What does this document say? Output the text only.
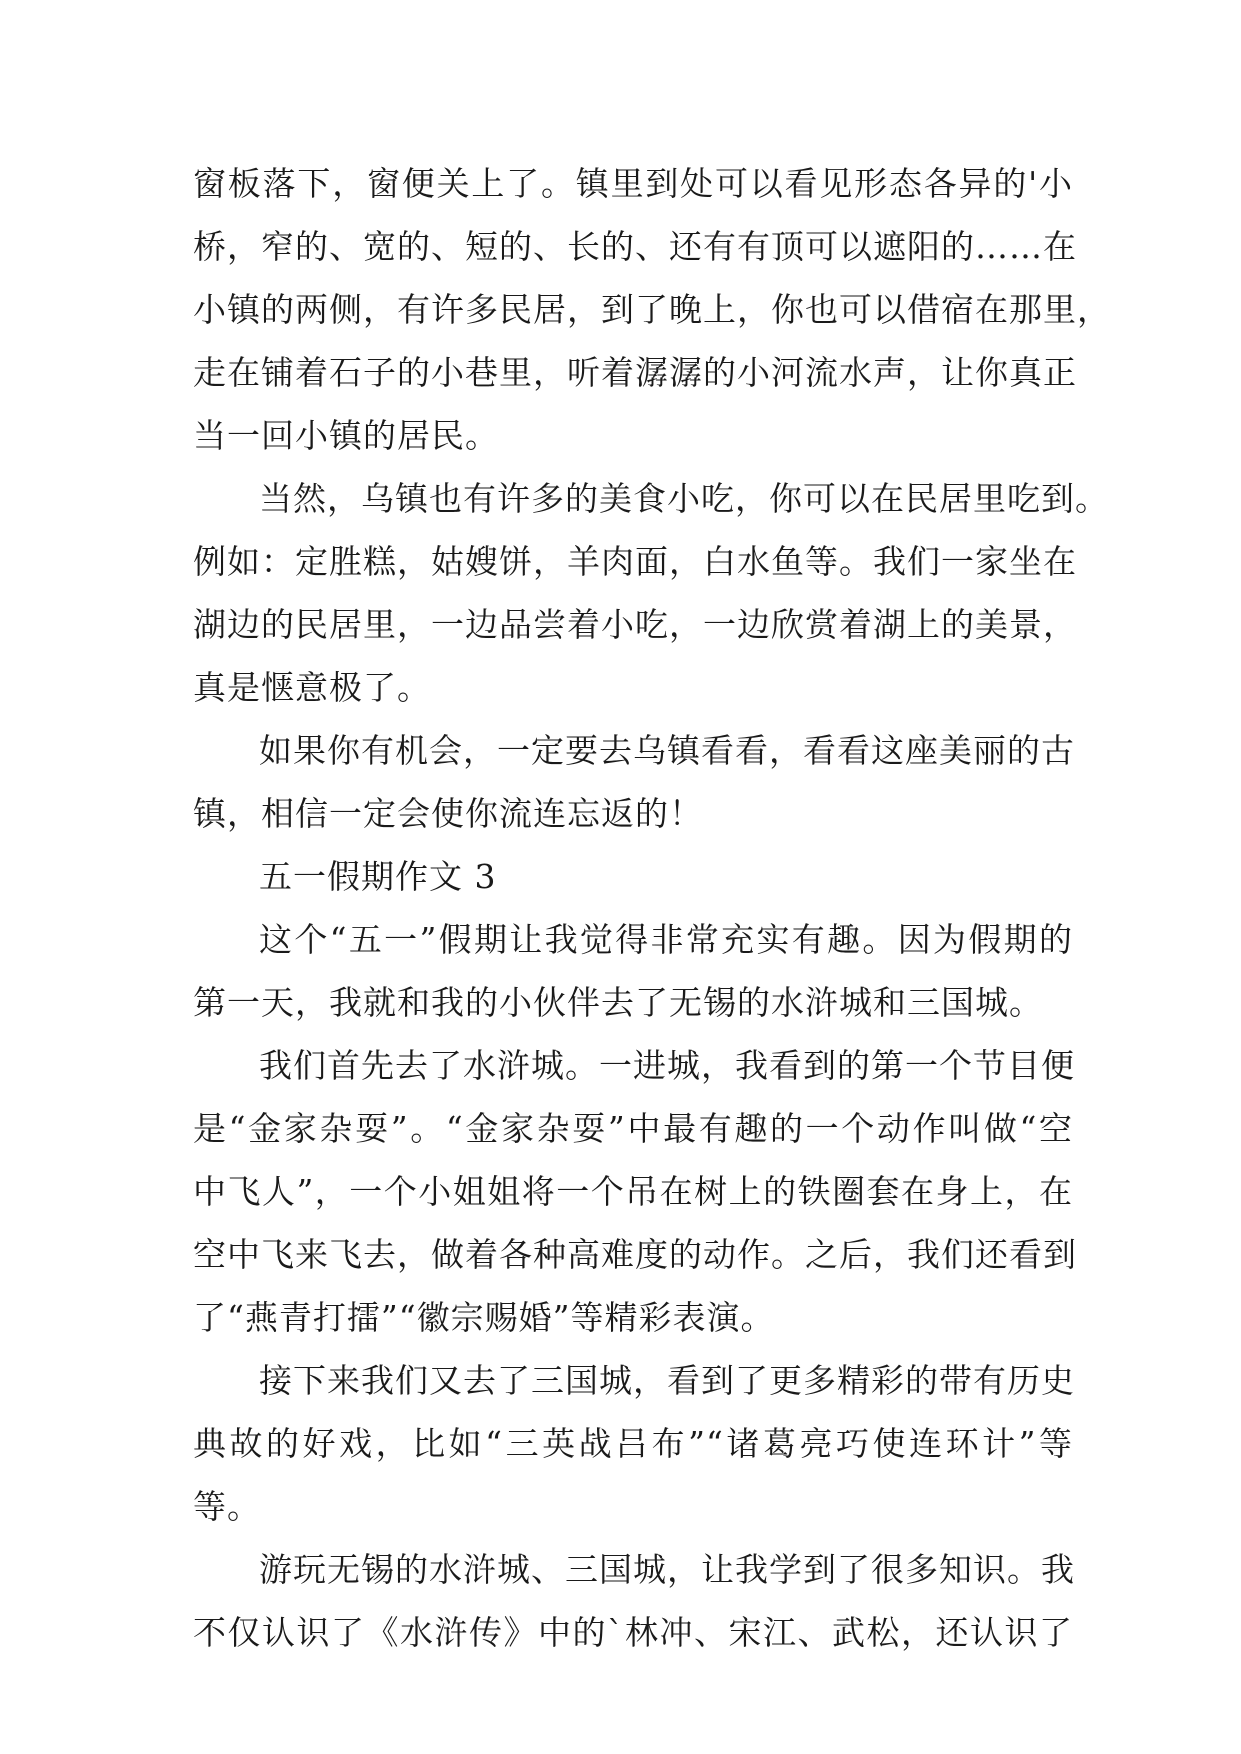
窗板落下，窗便关上了。镇里到处可以看见形态各异的'小
桥，窄的、宽的、短的、长的、还有有顶可以遮阳的……在
小镇的两侧，有许多民居，到了晚上，你也可以借宿在那里，
走在铺着石子的小巷里，听着潺潺的小河流水声，让你真正
当一回小镇的居民。
当然，乌镇也有许多的美食小吃，你可以在民居里吃到。
例如：定胜糕，姑嫂饼，羊肉面，白水鱼等。我们一家坐在
湖边的民居里，一边品尝着小吃，一边欣赏着湖上的美景，
真是惬意极了。
如果你有机会，一定要去乌镇看看，看看这座美丽的古
镇，相信一定会使你流连忘返的！
五一假期作文 3
这个“五一”假期让我觉得非常充实有趣。因为假期的
第一天，我就和我的小伙伴去了无锡的水浒城和三国城。
我们首先去了水浒城。一进城，我看到的第一个节目便
是“金家杂耍”。“金家杂耍”中最有趣的一个动作叫做“空
中飞人”，一个小姐姐将一个吊在树上的铁圈套在身上，在
空中飞来飞去，做着各种高难度的动作。之后，我们还看到
了“燕青打擂”“徽宗赐婚”等精彩表演。
接下来我们又去了三国城，看到了更多精彩的带有历史
典故的好戏，比如“三英战吕布”“诸葛亮巧使连环计”等
等。
游玩无锡的水浒城、三国城，让我学到了很多知识。我
不仅认识了《水浒传》中的`林冲、宋江、武松，还认识了
